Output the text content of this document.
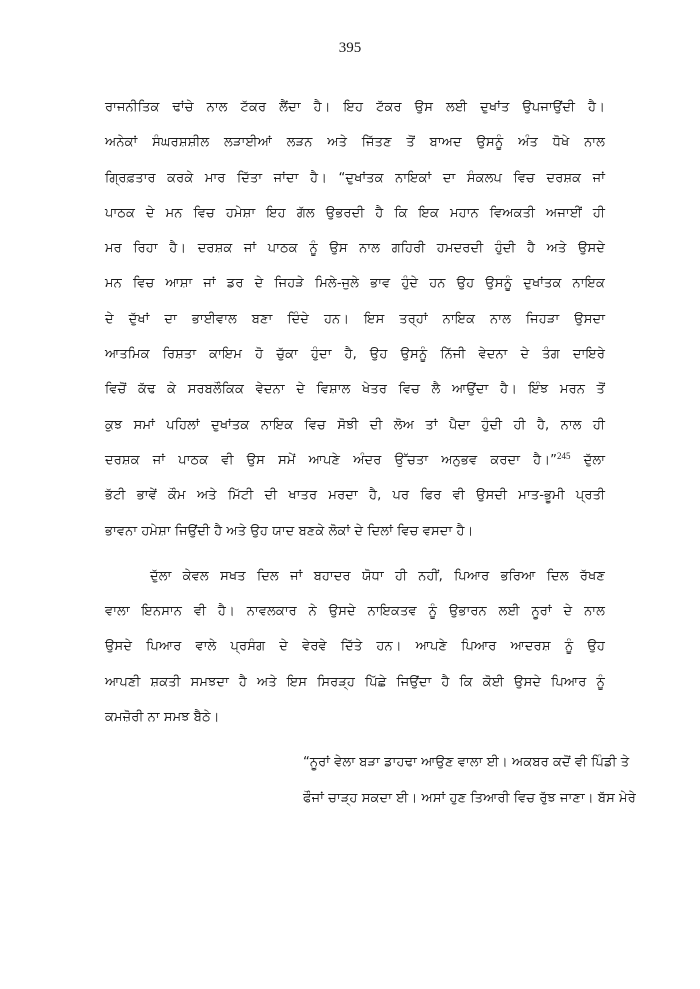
395
ਰਾਜਨੀਤਿਕ ਢਾਂਚੇ ਨਾਲ ਟੱਕਰ ਲੈਂਦਾ ਹੈ। ਇਹ ਟੱਕਰ ਉਸ ਲਈ ਦੁਖਾਂਤ ਉਪਜਾਉਂਦੀ ਹੈ।
ਅਨੇਕਾਂ ਸੰਘਰਸ਼ਸ਼ੀਲ ਲੜਾਈਆਂ ਲੜਨ ਅਤੇ ਜਿੱਤਣ ਤੋਂ ਬਾਅਦ ਉਸਨੂੰ ਅੰਤ ਧੋਖੇ ਨਾਲ
ਗ੍ਰਿਫ਼ਤਾਰ ਕਰਕੇ ਮਾਰ ਦਿੱਤਾ ਜਾਂਦਾ ਹੈ। “ਦੁਖਾਂਤਕ ਨਾਇਕਾਂ ਦਾ ਸੰਕਲਪ ਵਿਚ ਦਰਸ਼ਕ ਜਾਂ
ਪਾਠਕ ਦੇ ਮਨ ਵਿਚ ਹਮੇਸ਼ਾ ਇਹ ਗੱਲ ਉਭਰਦੀ ਹੈ ਕਿ ਇਕ ਮਹਾਨ ਵਿਅਕਤੀ ਅਜਾਈਂ ਹੀ
ਮਰ ਰਿਹਾ ਹੈ। ਦਰਸ਼ਕ ਜਾਂ ਪਾਠਕ ਨੂੰ ਉਸ ਨਾਲ ਗਹਿਰੀ ਹਮਦਰਦੀ ਹੁੰਦੀ ਹੈ ਅਤੇ ਉਸਦੇ
ਮਨ ਵਿਚ ਆਸ਼ਾ ਜਾਂ ਡਰ ਦੇ ਜਿਹੜੇ ਮਿਲੇ-ਜੁਲੇ ਭਾਵ ਹੁੰਦੇ ਹਨ ਉਹ ਉਸਨੂੰ ਦੁਖਾਂਤਕ ਨਾਇਕ
ਦੇ ਦੁੱਖਾਂ ਦਾ ਭਾਈਵਾਲ ਬਣਾ ਦਿੰਦੇ ਹਨ। ਇਸ ਤਰ੍ਹਾਂ ਨਾਇਕ ਨਾਲ ਜਿਹੜਾ ਉਸਦਾ
ਆਤਮਿਕ ਰਿਸ਼ਤਾ ਕਾਇਮ ਹੋ ਚੁੱਕਾ ਹੁੰਦਾ ਹੈ, ਉਹ ਉਸਨੂੰ ਨਿੱਜੀ ਵੇਦਨਾ ਦੇ ਤੰਗ ਦਾਇਰੇ
ਵਿਚੋਂ ਕੱਢ ਕੇ ਸਰਬਲੌਕਿਕ ਵੇਦਨਾ ਦੇ ਵਿਸ਼ਾਲ ਖੇਤਰ ਵਿਚ ਲੈ ਆਉਂਦਾ ਹੈ। ਇੰਝ ਮਰਨ ਤੋਂ
ਕੁਝ ਸਮਾਂ ਪਹਿਲਾਂ ਦੁਖਾਂਤਕ ਨਾਇਕ ਵਿਚ ਸੋਝੀ ਦੀ ਲੋਅ ਤਾਂ ਪੈਦਾ ਹੁੰਦੀ ਹੀ ਹੈ, ਨਾਲ ਹੀ
ਦਰਸ਼ਕ ਜਾਂ ਪਾਠਕ ਵੀ ਉਸ ਸਮੇਂ ਆਪਣੇ ਅੰਦਰ ਉੱਚਤਾ ਅਨੁਭਵ ਕਰਦਾ ਹੈ।”$^{245}$ ਦੁੱਲਾ
ਭੱਟੀ ਭਾਵੇਂ ਕੌਮ ਅਤੇ ਮਿੱਟੀ ਦੀ ਖਾਤਰ ਮਰਦਾ ਹੈ, ਪਰ ਫਿਰ ਵੀ ਉਸਦੀ ਮਾਤ-ਭੂਮੀ ਪ੍ਰਤੀ
ਭਾਵਨਾ ਹਮੇਸ਼ਾ ਜਿਉਂਦੀ ਹੈ ਅਤੇ ਉਹ ਯਾਦ ਬਣਕੇ ਲੋਕਾਂ ਦੇ ਦਿਲਾਂ ਵਿਚ ਵਸਦਾ ਹੈ।
ਦੁੱਲਾ ਕੇਵਲ ਸਖਤ ਦਿਲ ਜਾਂ ਬਹਾਦਰ ਯੋਧਾ ਹੀ ਨਹੀਂ, ਪਿਆਰ ਭਰਿਆ ਦਿਲ ਰੱਖਣ
ਵਾਲਾ ਇਨਸਾਨ ਵੀ ਹੈ। ਨਾਵਲਕਾਰ ਨੇ ਉਸਦੇ ਨਾਇਕਤਵ ਨੂੰ ਉਭਾਰਨ ਲਈ ਨੂਰਾਂ ਦੇ ਨਾਲ
ਉਸਦੇ ਪਿਆਰ ਵਾਲੇ ਪ੍ਰਸੰਗ ਦੇ ਵੇਰਵੇ ਦਿੱਤੇ ਹਨ। ਆਪਣੇ ਪਿਆਰ ਆਦਰਸ਼ ਨੂੰ ਉਹ
ਆਪਣੀ ਸ਼ਕਤੀ ਸਮਝਦਾ ਹੈ ਅਤੇ ਇਸ ਸਿਰੜ੍ਹ ਪਿੱਛੇ ਜਿਉਂਦਾ ਹੈ ਕਿ ਕੋਈ ਉਸਦੇ ਪਿਆਰ ਨੂੰ
ਕਮਜ਼ੋਰੀ ਨਾ ਸਮਝ ਬੈਠੇ।
“ਨੂਰਾਂ ਵੇਲਾ ਬੜਾ ਡਾਹਢਾ ਆਉਣ ਵਾਲਾ ਈ। ਅਕਬਰ ਕਦੋਂ ਵੀ ਪਿੰਡੀ ਤੇ
ਫੌਜਾਂ ਚਾੜ੍ਹ ਸਕਦਾ ਈ। ਅਸਾਂ ਹੁਣ ਤਿਆਰੀ ਵਿਚ ਰੁੱਝ ਜਾਣਾ। ਬੱਸ ਮੇਰੇ
